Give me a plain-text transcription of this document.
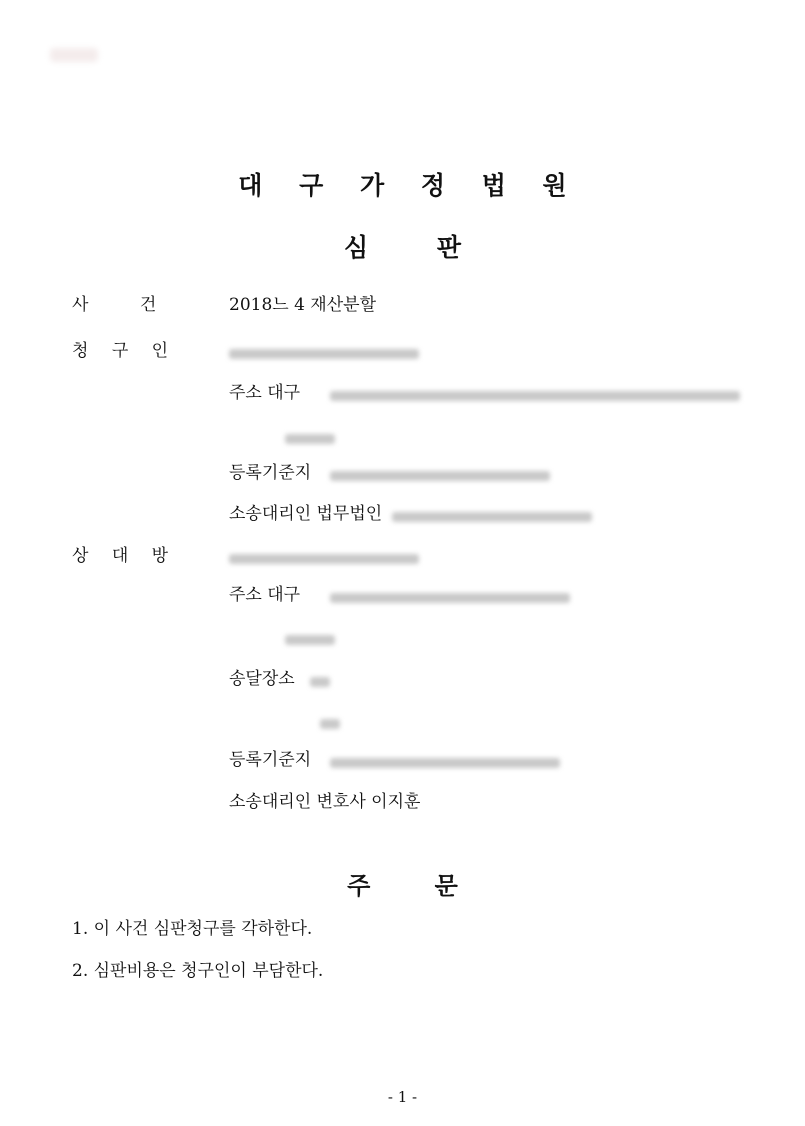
대 구 가 정 법 원
심 판
사 건	2018느 4 재산분할
청 구 인
주소 대구
등록기준지
소송대리인 법무법인
상 대 방
주소 대구
송달장소
등록기준지
소송대리인 변호사 이지훈
주 문
1. 이 사건 심판청구를 각하한다.
2. 심판비용은 청구인이 부담한다.
- 1 -
